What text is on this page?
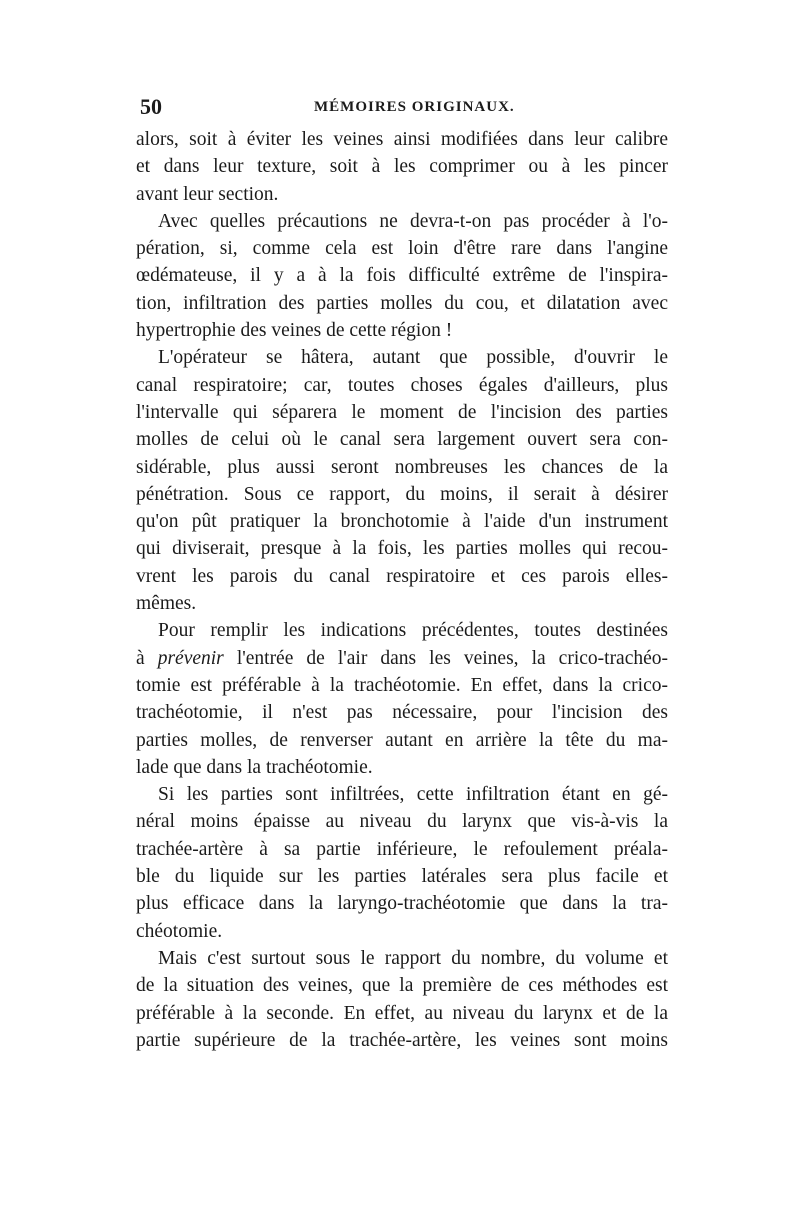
50	MÉMOIRES ORIGINAUX.
alors, soit à éviter les veines ainsi modifiées dans leur calibre
et dans leur texture, soit à les comprimer ou à les pincer
avant leur section.
Avec quelles précautions ne devra-t-on pas procéder à l'o-
pération, si, comme cela est loin d'être rare dans l'angine
œdémateuse, il y a à la fois difficulté extrême de l'inspira-
tion, infiltration des parties molles du cou, et dilatation avec
hypertrophie des veines de cette région !
L'opérateur se hâtera, autant que possible, d'ouvrir le
canal respiratoire; car, toutes choses égales d'ailleurs, plus
l'intervalle qui séparera le moment de l'incision des parties
molles de celui où le canal sera largement ouvert sera con-
sidérable, plus aussi seront nombreuses les chances de la
pénétration. Sous ce rapport, du moins, il serait à désirer
qu'on pût pratiquer la bronchotomie à l'aide d'un instrument
qui diviserait, presque à la fois, les parties molles qui recou-
vrent les parois du canal respiratoire et ces parois elles-
mêmes.
Pour remplir les indications précédentes, toutes destinées
à prévenir l'entrée de l'air dans les veines, la crico-trachéo-
tomie est préférable à la trachéotomie. En effet, dans la crico-
trachéotomie, il n'est pas nécessaire, pour l'incision des
parties molles, de renverser autant en arrière la tête du ma-
lade que dans la trachéotomie.
Si les parties sont infiltrées, cette infiltration étant en gé-
néral moins épaisse au niveau du larynx que vis-à-vis la
trachée-artère à sa partie inférieure, le refoulement préala-
ble du liquide sur les parties latérales sera plus facile et
plus efficace dans la laryngo-trachéotomie que dans la tra-
chéotomie.
Mais c'est surtout sous le rapport du nombre, du volume et
de la situation des veines, que la première de ces méthodes est
préférable à la seconde. En effet, au niveau du larynx et de la
partie supérieure de la trachée-artère, les veines sont moins
